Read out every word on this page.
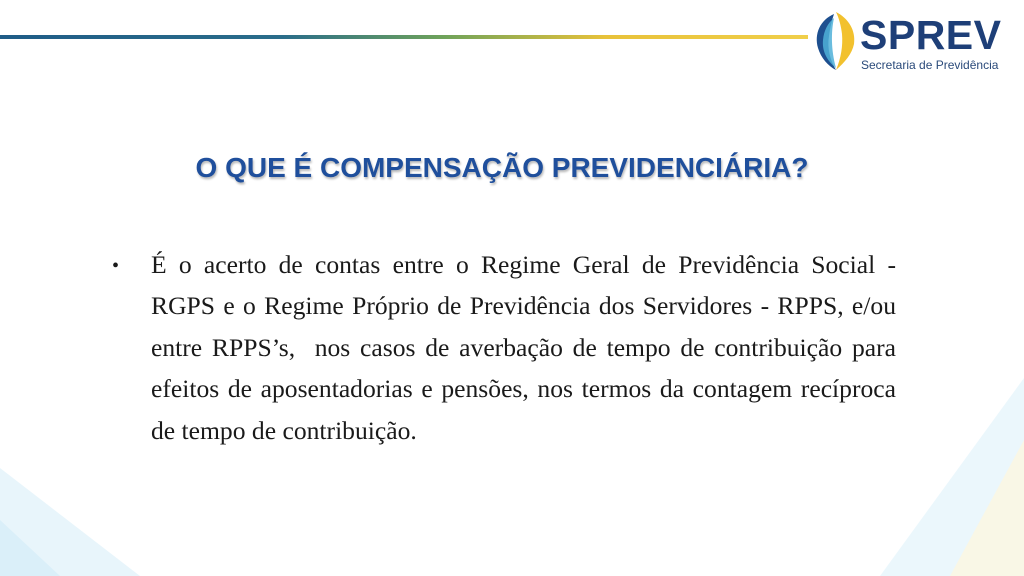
SPREV
Secretaria de Previdência
O QUE É COMPENSAÇÃO PREVIDENCIÁRIA?
• É o acerto de contas entre o Regime Geral de Previdência Social - RGPS e o Regime Próprio de Previdência dos Servidores - RPPS, e/ou entre RPPS’s,  nos casos de averbação de tempo de contribuição para efeitos de aposentadorias e pensões, nos termos da contagem recíproca de tempo de contribuição.
